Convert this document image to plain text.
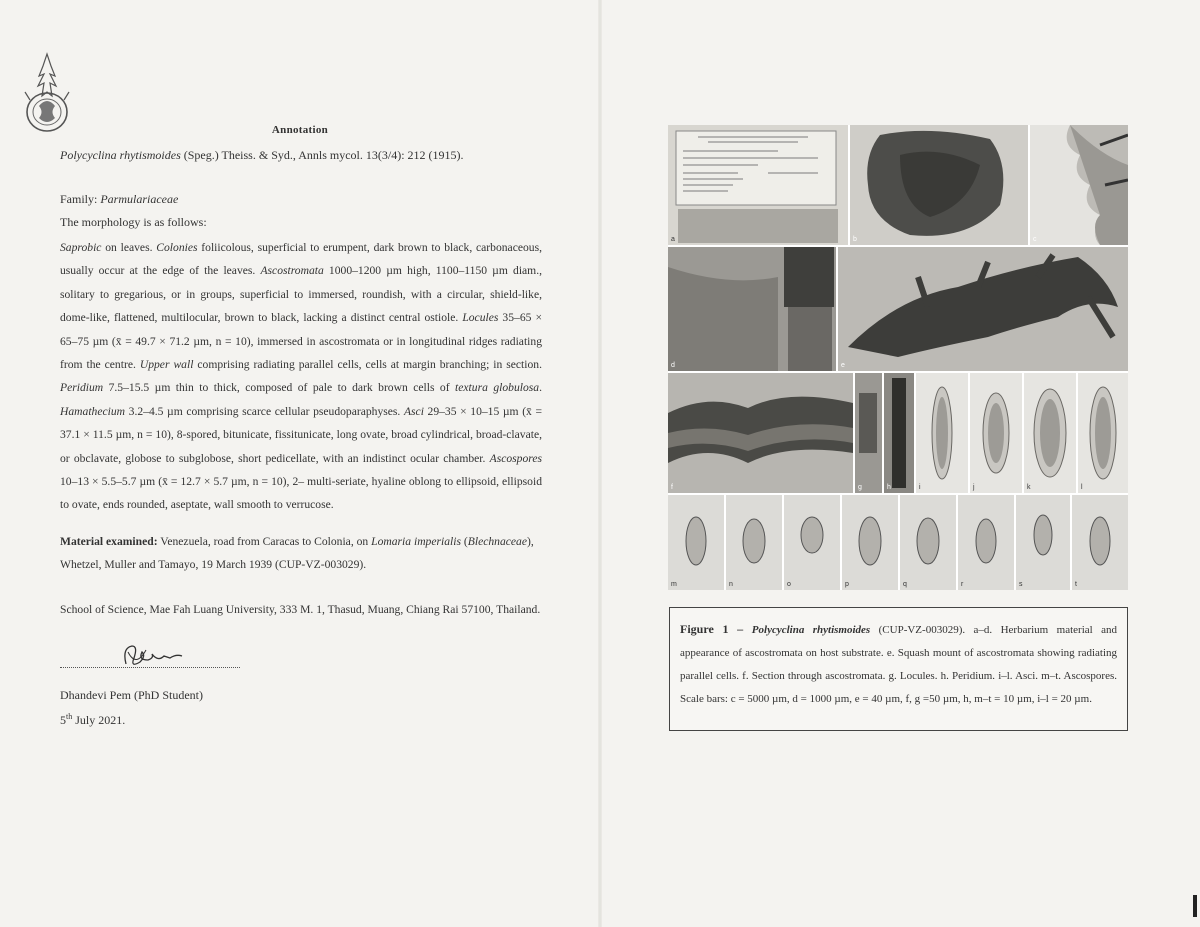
Annotation
Polycyclina rhytismoides (Speg.) Theiss. & Syd., Annls mycol. 13(3/4): 212 (1915).
Family: Parmulariaceae
The morphology is as follows:
Saprobic on leaves. Colonies foliicolous, superficial to erumpent, dark brown to black, carbonaceous, usually occur at the edge of the leaves. Ascostromata 1000–1200 µm high, 1100–1150 µm diam., solitary to gregarious, or in groups, superficial to immersed, roundish, with a circular, shield-like, dome-like, flattened, multilocular, brown to black, lacking a distinct central ostiole. Locules 35–65 × 65–75 µm (x̄ = 49.7 × 71.2 µm, n = 10), immersed in ascostromata or in longitudinal ridges radiating from the centre. Upper wall comprising radiating parallel cells, cells at margin branching; in section. Peridium 7.5–15.5 µm thin to thick, composed of pale to dark brown cells of textura globulosa. Hamathecium 3.2–4.5 µm comprising scarce cellular pseudoparaphyses. Asci 29–35 × 10–15 µm (x̄ = 37.1 × 11.5 µm, n = 10), 8-spored, bitunicate, fissitunicate, long ovate, broad cylindrical, broad-clavate, or obclavate, globose to subglobose, short pedicellate, with an indistinct ocular chamber. Ascospores 10–13 × 5.5–5.7 µm (x̄ = 12.7 × 5.7 µm, n = 10), 2– multi-seriate, hyaline oblong to ellipsoid, ellipsoid to ovate, ends rounded, aseptate, wall smooth to verrucose.
Material examined: Venezuela, road from Caracas to Colonia, on Lomaria imperialis (Blechnaceae), Whetzel, Muller and Tamayo, 19 March 1939 (CUP-VZ-003029).
School of Science, Mae Fah Luang University, 333 M. 1, Thasud, Muang, Chiang Rai 57100, Thailand.
Dhandevi Pem (PhD Student)
5th July 2021.
a	b	c
d	e
f	g	h	i	j	k	l
m	n	o	p	q	r	s	t
Figure 1 – Polycyclina rhytismoides (CUP-VZ-003029). a–d. Herbarium material and appearance of ascostromata on host substrate. e. Squash mount of ascostromata showing radiating parallel cells. f. Section through ascostromata. g. Locules. h. Peridium. i–l. Asci. m–t. Ascospores. Scale bars: c = 5000 µm, d = 1000 µm, e = 40 µm, f, g =50 µm, h, m–t = 10 µm, i–l = 20 µm.
